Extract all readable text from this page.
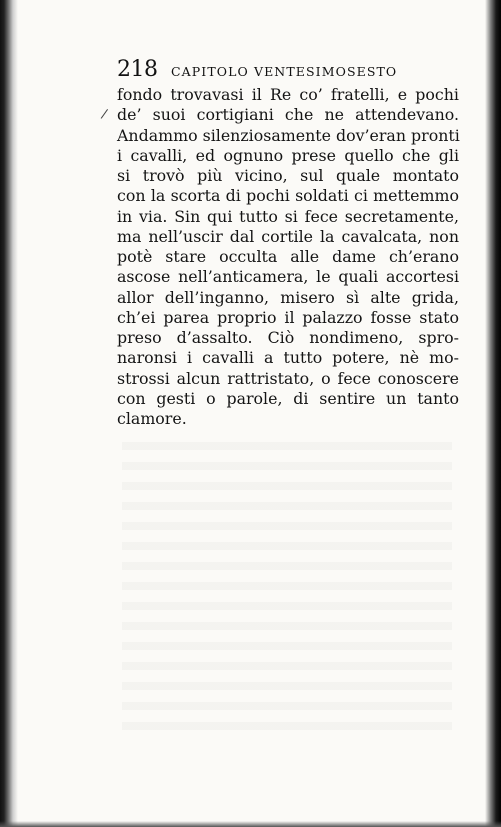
218 CAPITOLO VENTESIMOSESTO
/
fondo trovavasi il Re co’ fratelli, e pochi
de’ suoi cortigiani che ne attendevano.
Andammo silenziosamente dov’eran pronti
i cavalli, ed ognuno prese quello che gli
si trovò più vicino, sul quale montato
con la scorta di pochi soldati ci mettemmo
in via. Sin qui tutto si fece secretamente,
ma nell’uscir dal cortile la cavalcata, non
potè stare occulta alle dame ch’erano
ascose nell’anticamera, le quali accortesi
allor dell’inganno, misero sì alte grida,
ch’ei parea proprio il palazzo fosse stato
preso d’assalto. Ciò nondimeno, spro-
naronsi i cavalli a tutto potere, nè mo-
strossi alcun rattristato, o fece conoscere
con gesti o parole, di sentire un tanto
clamore.
